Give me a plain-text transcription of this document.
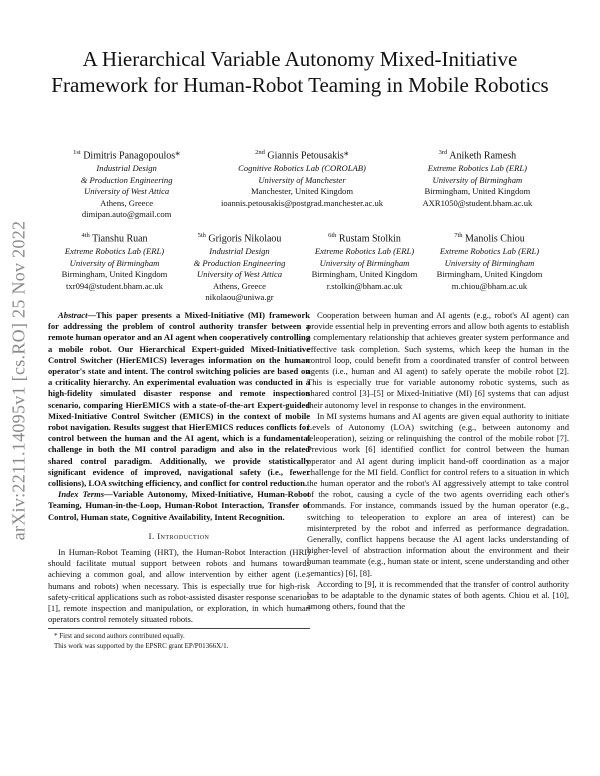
arXiv:2211.14095v1 [cs.RO] 25 Nov 2022
A Hierarchical Variable Autonomy Mixed-Initiative Framework for Human-Robot Teaming in Mobile Robotics
$^{1st}$ Dimitris Panagopoulos*
Industrial Design
& Production Engineering
University of West Attica
Athens, Greece
dimipan.auto@gmail.com
$^{2nd}$ Giannis Petousakis*
Cognitive Robotics Lab (COROLAB)
University of Manchester
Manchester, United Kingdom
ioannis.petousakis@postgrad.manchester.ac.uk
$^{3rd}$ Aniketh Ramesh
Extreme Robotics Lab (ERL)
University of Birmingham
Birmingham, United Kingdom
AXR1050@student.bham.ac.uk
$^{4th}$ Tianshu Ruan
Extreme Robotics Lab (ERL)
University of Birmingham
Birmingham, United Kingdom
txr094@student.bham.ac.uk
$^{5th}$ Grigoris Nikolaou
Industrial Design
& Production Engineering
University of West Attica
Athens, Greece
nikolaou@uniwa.gr
$^{6th}$ Rustam Stolkin
Extreme Robotics Lab (ERL)
University of Birmingham
Birmingham, United Kingdom
r.stolkin@bham.ac.uk
$^{7th}$ Manolis Chiou
Extreme Robotics Lab (ERL)
University of Birmingham
Birmingham, United Kingdom
m.chiou@bham.ac.uk

Abstract—This paper presents a Mixed-Initiative (MI) framework for addressing the problem of control authority transfer between a remote human operator and an AI agent when cooperatively controlling a mobile robot. Our Hierarchical Expert-guided Mixed-Initiative Control Switcher (HierEMICS) leverages information on the human operator's state and intent. The control switching policies are based on a criticality hierarchy. An experimental evaluation was conducted in a high-fidelity simulated disaster response and remote inspection scenario, comparing HierEMICS with a state-of-the-art Expert-guided Mixed-Initiative Control Switcher (EMICS) in the context of mobile robot navigation. Results suggest that HierEMICS reduces conflicts for control between the human and the AI agent, which is a fundamental challenge in both the MI control paradigm and also in the related shared control paradigm. Additionally, we provide statistically significant evidence of improved, navigational safety (i.e., fewer collisions), LOA switching efficiency, and conflict for control reduction.

Index Terms—Variable Autonomy, Mixed-Initiative, Human-Robot Teaming, Human-in-the-Loop, Human-Robot Interaction, Transfer of Control, Human state, Cognitive Availability, Intent Recognition.

I. Introduction

In Human-Robot Teaming (HRT), the Human-Robot Interaction (HRI) should facilitate mutual support between robots and humans towards achieving a common goal, and allow intervention by either agent (i.e., humans and robots) when necessary. This is especially true for high-risk safety-critical applications such as robot-assisted disaster response scenarios [1], remote inspection and manipulation, or exploration, in which human operators control remotely situated robots.

* First and second authors contributed equally.

This work was supported by the EPSRC grant EP/P01366X/1.

Cooperation between human and AI agents (e.g., robot's AI agent) can provide essential help in preventing errors and allow both agents to establish a complementary relationship that achieves greater system performance and effective task completion. Such systems, which keep the human in the control loop, could benefit from a coordinated transfer of control between agents (i.e., human and AI agent) to safely operate the mobile robot [2]. This is especially true for variable autonomy robotic systems, such as shared control [3]–[5] or Mixed-Initiative (MI) [6] systems that can adjust their autonomy level in response to changes in the environment.

In MI systems humans and AI agents are given equal authority to initiate Levels of Autonomy (LOA) switching (e.g., between autonomy and teleoperation), seizing or relinquishing the control of the mobile robot [7]. Previous work [6] identified conflict for control between the human operator and AI agent during implicit hand-off coordination as a major challenge for the MI field. Conflict for control refers to a situation in which the human operator and the robot's AI aggressively attempt to take control of the robot, causing a cycle of the two agents overriding each other's commands. For instance, commands issued by the human operator (e.g., switching to teleoperation to explore an area of interest) can be misinterpreted by the robot and inferred as performance degradation. Generally, conflict happens because the AI agent lacks understanding of higher-level of abstraction information about the environment and their human teammate (e.g., human state or intent, scene understanding and other semantics) [6], [8].

According to [9], it is recommended that the transfer of control authority has to be adaptable to the dynamic states of both agents. Chiou et al. [10], among others, found that the
